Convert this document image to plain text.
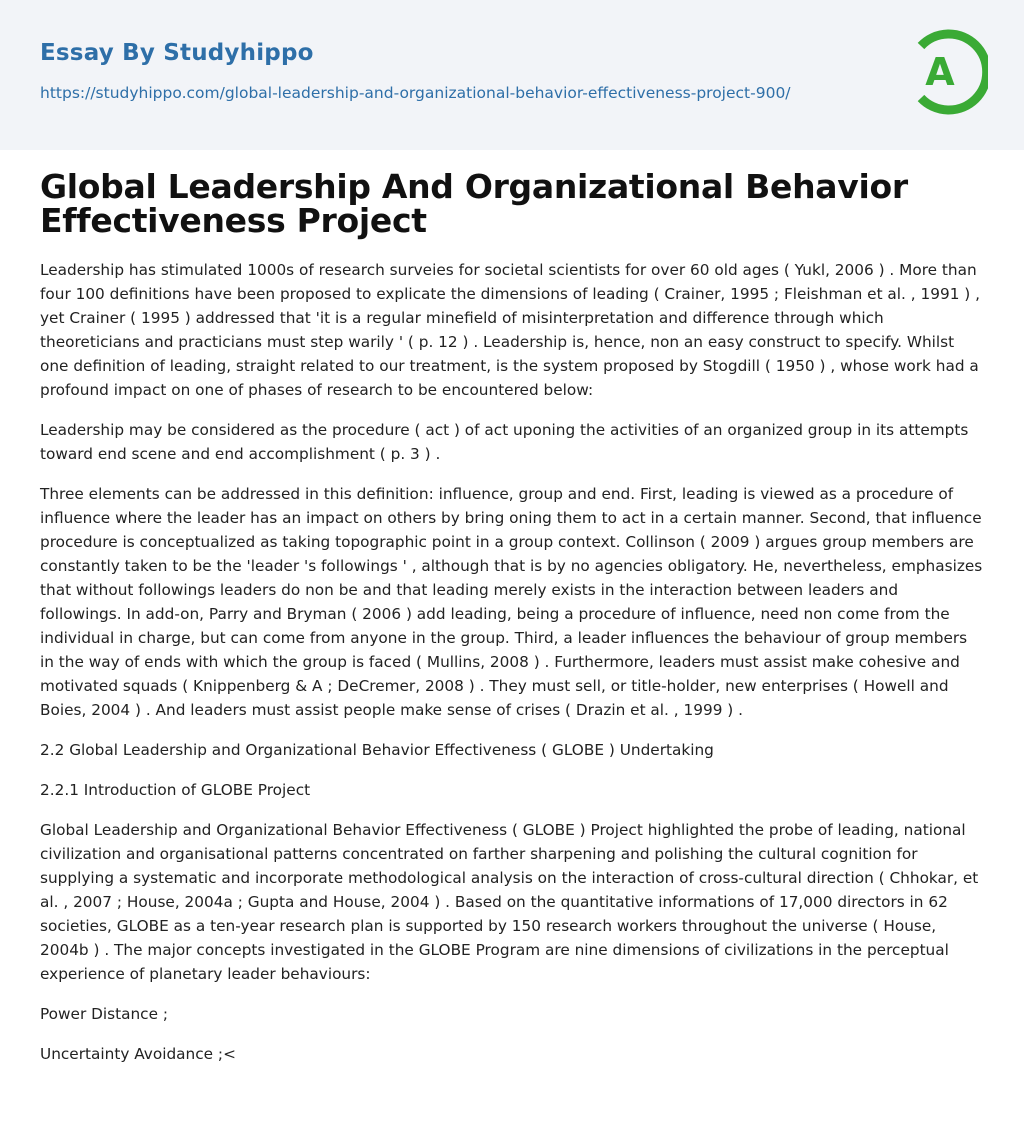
Essay By Studyhippo
https://studyhippo.com/global-leadership-and-organizational-behavior-effectiveness-project-900/	A
Global Leadership And Organizational Behavior Effectiveness Project

Leadership has stimulated 1000s of research surveies for societal scientists for over 60 old ages ( Yukl, 2006 ) . More than four 100 definitions have been proposed to explicate the dimensions of leading ( Crainer, 1995 ; Fleishman et al. , 1991 ) , yet Crainer ( 1995 ) addressed that 'it is a regular minefield of misinterpretation and difference through which theoreticians and practicians must step warily ' ( p. 12 ) . Leadership is, hence, non an easy construct to specify. Whilst one definition of leading, straight related to our treatment, is the system proposed by Stogdill ( 1950 ) , whose work had a profound impact on one of phases of research to be encountered below:

Leadership may be considered as the procedure ( act ) of act uponing the activities of an organized group in its attempts toward end scene and end accomplishment ( p. 3 ) .

Three elements can be addressed in this definition: influence, group and end. First, leading is viewed as a procedure of influence where the leader has an impact on others by bring oning them to act in a certain manner. Second, that influence procedure is conceptualized as taking topographic point in a group context. Collinson ( 2009 ) argues group members are constantly taken to be the 'leader 's followings ' , although that is by no agencies obligatory. He, nevertheless, emphasizes that without followings leaders do non be and that leading merely exists in the interaction between leaders and followings. In add-on, Parry and Bryman ( 2006 ) add leading, being a procedure of influence, need non come from the individual in charge, but can come from anyone in the group. Third, a leader influences the behaviour of group members in the way of ends with which the group is faced ( Mullins, 2008 ) . Furthermore, leaders must assist make cohesive and motivated squads ( Knippenberg & A ; DeCremer, 2008 ) . They must sell, or title-holder, new enterprises ( Howell and Boies, 2004 ) . And leaders must assist people make sense of crises ( Drazin et al. , 1999 ) .

2.2 Global Leadership and Organizational Behavior Effectiveness ( GLOBE ) Undertaking

2.2.1 Introduction of GLOBE Project

Global Leadership and Organizational Behavior Effectiveness ( GLOBE ) Project highlighted the probe of leading, national civilization and organisational patterns concentrated on farther sharpening and polishing the cultural cognition for supplying a systematic and incorporate methodological analysis on the interaction of cross-cultural direction ( Chhokar, et al. , 2007 ; House, 2004a ; Gupta and House, 2004 ) . Based on the quantitative informations of 17,000 directors in 62 societies, GLOBE as a ten-year research plan is supported by 150 research workers throughout the universe ( House, 2004b ) . The major concepts investigated in the GLOBE Program are nine dimensions of civilizations in the perceptual experience of planetary leader behaviours:

Power Distance ;

Uncertainty Avoidance ;<
